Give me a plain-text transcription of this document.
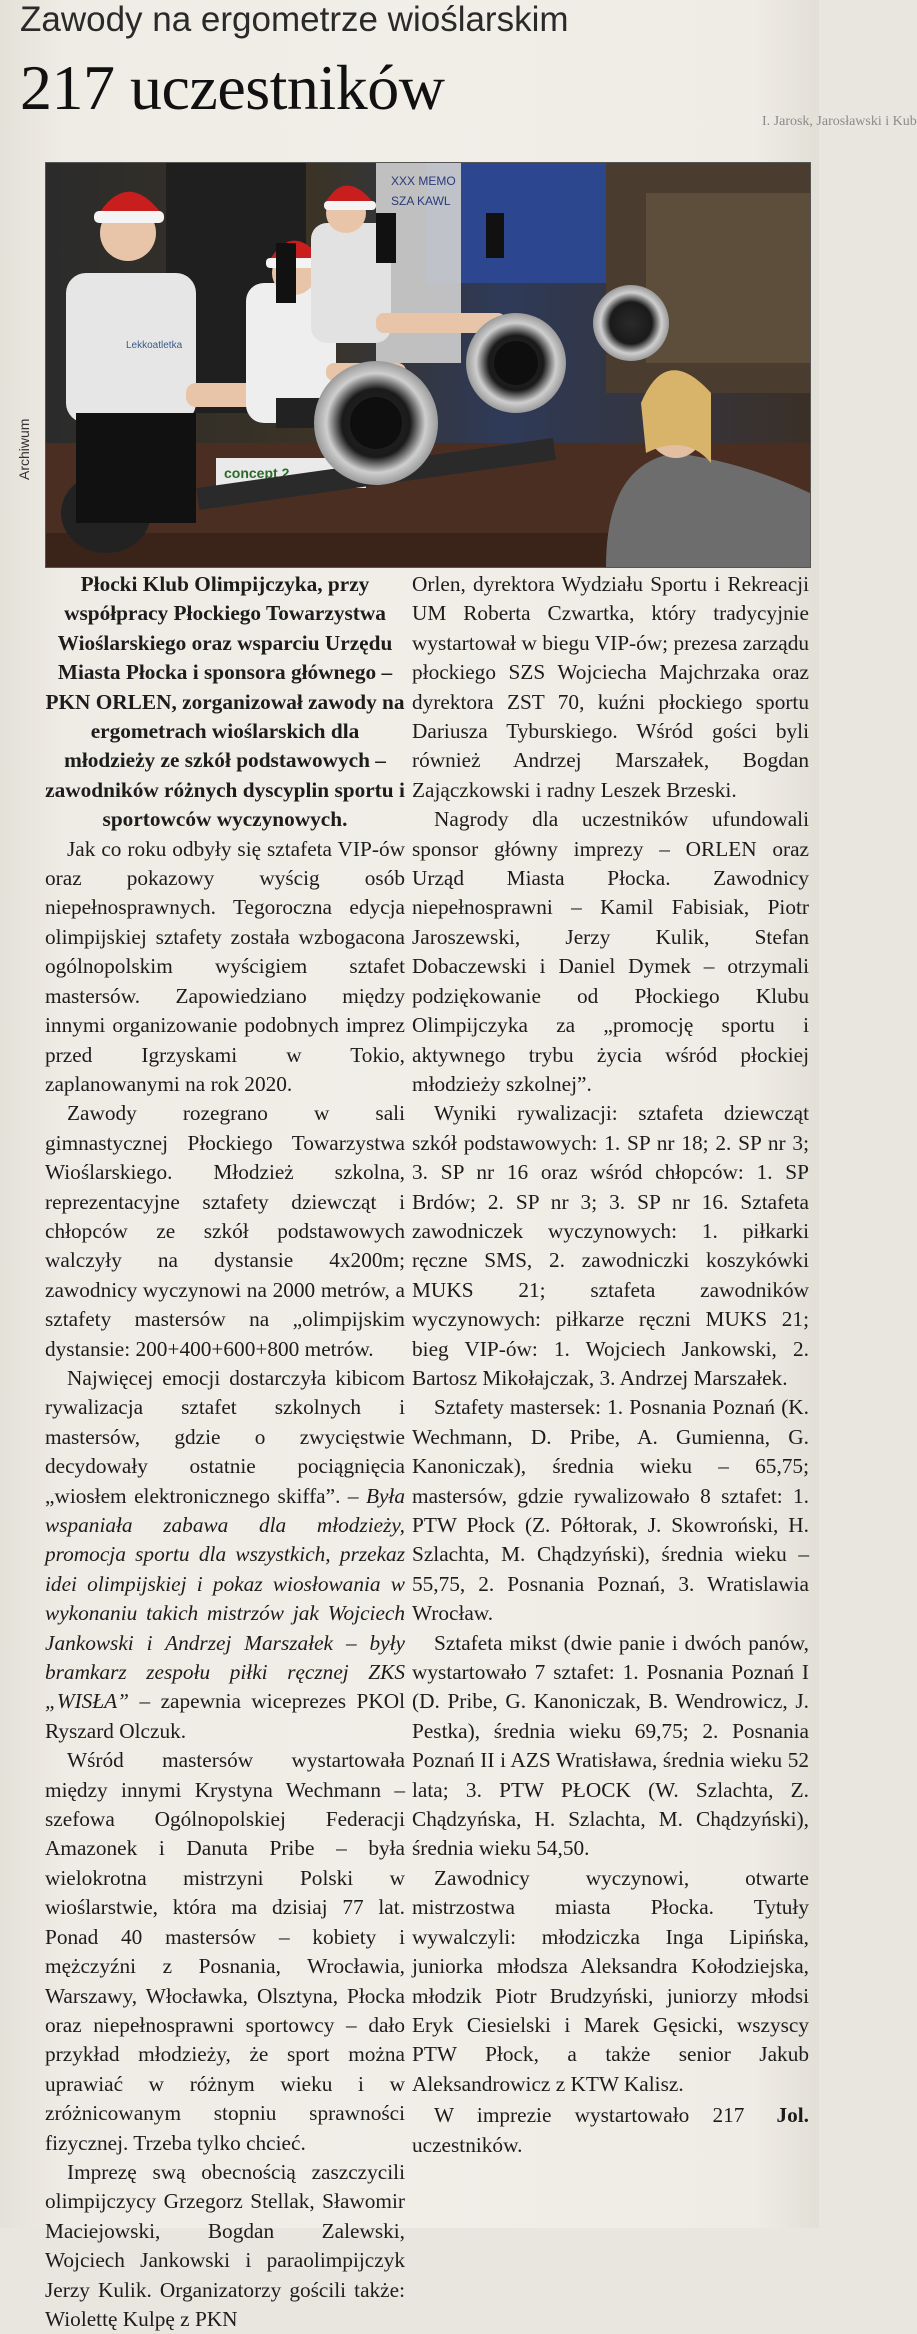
Zawody na ergometrze wioślarskim
217 uczestników	I. Jarosk, Jarosławski i Kub
XXX MEMO
SZA KAWL
Lekkoatletka
concept 2
Archiwum

Płocki Klub Olimpijczyka, przy współpracy Płockiego Towarzystwa Wioślarskiego oraz wsparciu Urzędu Miasta Płocka i sponsora głównego – PKN ORLEN, zorganizował zawody na ergometrach wioślarskich dla młodzieży ze szkół podstawowych – zawodników różnych dyscyplin sportu i sportowców wyczynowych.

Jak co roku odbyły się sztafeta VIP-ów oraz pokazowy wyścig osób niepełnosprawnych. Tegoroczna edycja olimpijskiej sztafety została wzbogacona ogólnopolskim wyścigiem sztafet mastersów. Zapowiedziano między innymi organizowanie podobnych imprez przed Igrzyskami w Tokio, zaplanowanymi na rok 2020.

Zawody rozegrano w sali gimnastycznej Płockiego Towarzystwa Wioślarskiego. Młodzież szkolna, reprezentacyjne sztafety dziewcząt i chłopców ze szkół podstawowych walczyły na dystansie 4x200m; zawodnicy wyczynowi na 2000 metrów, a sztafety mastersów na „olimpijskim dystansie: 200+400+600+800 metrów.

Najwięcej emocji dostarczyła kibicom rywalizacja sztafet szkolnych i mastersów, gdzie o zwycięstwie decydowały ostatnie pociągnięcia „wiosłem elektronicznego skiffa”. – Była wspaniała zabawa dla młodzieży, promocja sportu dla wszystkich, przekaz idei olimpijskiej i pokaz wiosłowania w wykonaniu takich mistrzów jak Wojciech Jankowski i Andrzej Marszałek – były bramkarz zespołu piłki ręcznej ZKS „WISŁA” – zapewnia wiceprezes PKOl Ryszard Olczuk.

Wśród mastersów wystartowała między innymi Krystyna Wechmann – szefowa Ogólnopolskiej Federacji Amazonek i Danuta Pribe – była wielokrotna mistrzyni Polski w wioślarstwie, która ma dzisiaj 77 lat. Ponad 40 mastersów – kobiety i mężczyźni z Posnania, Wrocławia, Warszawy, Włocławka, Olsztyna, Płocka oraz niepełnosprawni sportowcy – dało przykład młodzieży, że sport można uprawiać w różnym wieku i w zróżnicowanym stopniu sprawności fizycznej. Trzeba tylko chcieć.

Imprezę swą obecnością zaszczycili olimpijczycy Grzegorz Stellak, Sławomir Maciejowski, Bogdan Zalewski, Wojciech Jankowski i paraolimpijczyk Jerzy Kulik. Organizatorzy gościli także: Wiolettę Kulpę z PKN

Orlen, dyrektora Wydziału Sportu i Rekreacji UM Roberta Czwartka, który tradycyjnie wystartował w biegu VIP-ów; prezesa zarządu płockiego SZS Wojciecha Majchrzaka oraz dyrektora ZST 70, kuźni płockiego sportu Dariusza Tyburskiego. Wśród gości byli również Andrzej Marszałek, Bogdan Zajączkowski i radny Leszek Brzeski.

Nagrody dla uczestników ufundowali sponsor główny imprezy – ORLEN oraz Urząd Miasta Płocka. Zawodnicy niepełnosprawni – Kamil Fabisiak, Piotr Jaroszewski, Jerzy Kulik, Stefan Dobaczewski i Daniel Dymek – otrzymali podziękowanie od Płockiego Klubu Olimpijczyka za „promocję sportu i aktywnego trybu życia wśród płockiej młodzieży szkolnej”.

Wyniki rywalizacji: sztafeta dziewcząt szkół podstawowych: 1. SP nr 18; 2. SP nr 3; 3. SP nr 16 oraz wśród chłopców: 1. SP Brdów; 2. SP nr 3; 3. SP nr 16. Sztafeta zawodniczek wyczynowych: 1. piłkarki ręczne SMS, 2. zawodniczki koszykówki MUKS 21; sztafeta zawodników wyczynowych: piłkarze ręczni MUKS 21; bieg VIP-ów: 1. Wojciech Jankowski, 2. Bartosz Mikołajczak, 3. Andrzej Marszałek.

Sztafety mastersek: 1. Posnania Poznań (K. Wechmann, D. Pribe, A. Gumienna, G. Kanoniczak), średnia wieku – 65,75; mastersów, gdzie rywalizowało 8 sztafet: 1. PTW Płock (Z. Półtorak, J. Skowroński, H. Szlachta, M. Chądzyński), średnia wieku – 55,75, 2. Posnania Poznań, 3. Wratislawia Wrocław.

Sztafeta mikst (dwie panie i dwóch panów, wystartowało 7 sztafet: 1. Posnania Poznań I (D. Pribe, G. Kanoniczak, B. Wendrowicz, J. Pestka), średnia wieku 69,75; 2. Posnania Poznań II i AZS Wratisława, średnia wieku 52 lata; 3. PTW PŁOCK (W. Szlachta, Z. Chądzyńska, H. Szlachta, M. Chądzyński), średnia wieku 54,50.

Zawodnicy wyczynowi, otwarte mistrzostwa miasta Płocka. Tytuły wywalczyli: młodziczka Inga Lipińska, juniorka młodsza Aleksandra Kołodziejska, młodzik Piotr Brudzyński, juniorzy młodsi Eryk Ciesielski i Marek Gęsicki, wszyscy PTW Płock, a także senior Jakub Aleksandrowicz z KTW Kalisz.

Jol.
W imprezie wystartowało 217 uczestników.
